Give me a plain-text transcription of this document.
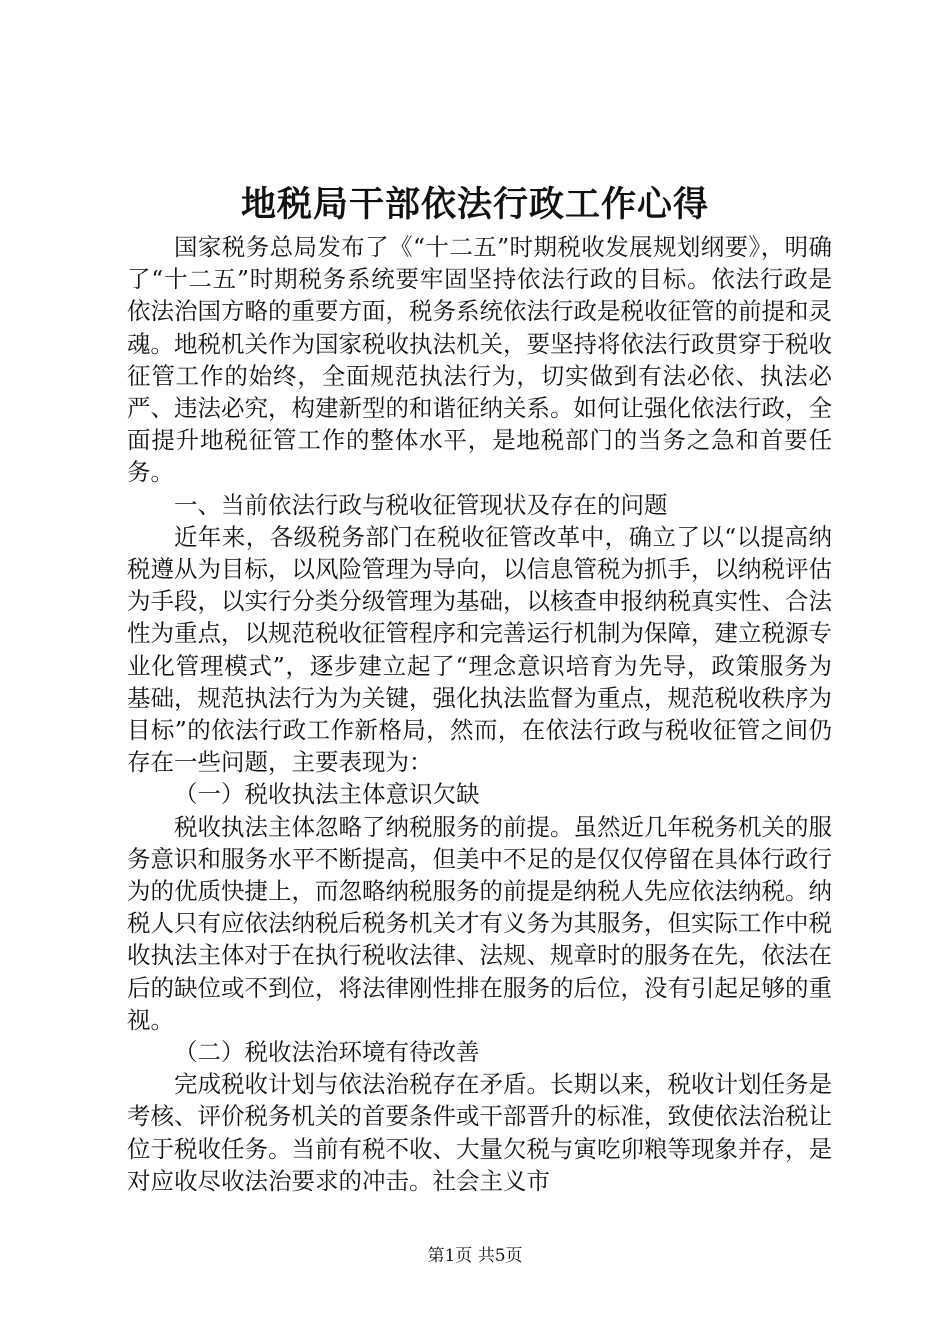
地税局干部依法行政工作心得

国家税务总局发布了《“十二五”时期税收发展规划纲要》，明确了“十二五”时期税务系统要牢固坚持依法行政的目标。依法行政是依法治国方略的重要方面，税务系统依法行政是税收征管的前提和灵魂。地税机关作为国家税收执法机关，要坚持将依法行政贯穿于税收征管工作的始终，全面规范执法行为，切实做到有法必依、执法必严、违法必究，构建新型的和谐征纳关系。如何让强化依法行政，全面提升地税征管工作的整体水平，是地税部门的当务之急和首要任务。

一、当前依法行政与税收征管现状及存在的问题

近年来，各级税务部门在税收征管改革中，确立了以“以提高纳税遵从为目标，以风险管理为导向，以信息管税为抓手，以纳税评估为手段，以实行分类分级管理为基础，以核查申报纳税真实性、合法性为重点，以规范税收征管程序和完善运行机制为保障，建立税源专业化管理模式”，逐步建立起了“理念意识培育为先导，政策服务为基础，规范执法行为为关键，强化执法监督为重点，规范税收秩序为目标”的依法行政工作新格局，然而，在依法行政与税收征管之间仍存在一些问题，主要表现为：

（一）税收执法主体意识欠缺

税收执法主体忽略了纳税服务的前提。虽然近几年税务机关的服务意识和服务水平不断提高，但美中不足的是仅仅停留在具体行政行为的优质快捷上，而忽略纳税服务的前提是纳税人先应依法纳税。纳税人只有应依法纳税后税务机关才有义务为其服务，但实际工作中税收执法主体对于在执行税收法律、法规、规章时的服务在先，依法在后的缺位或不到位，将法律刚性排在服务的后位，没有引起足够的重视。

（二）税收法治环境有待改善

完成税收计划与依法治税存在矛盾。长期以来，税收计划任务是考核、评价税务机关的首要条件或干部晋升的标准，致使依法治税让位于税收任务。当前有税不收、大量欠税与寅吃卯粮等现象并存，是对应收尽收法治要求的冲击。社会主义市

第1页 共5页
